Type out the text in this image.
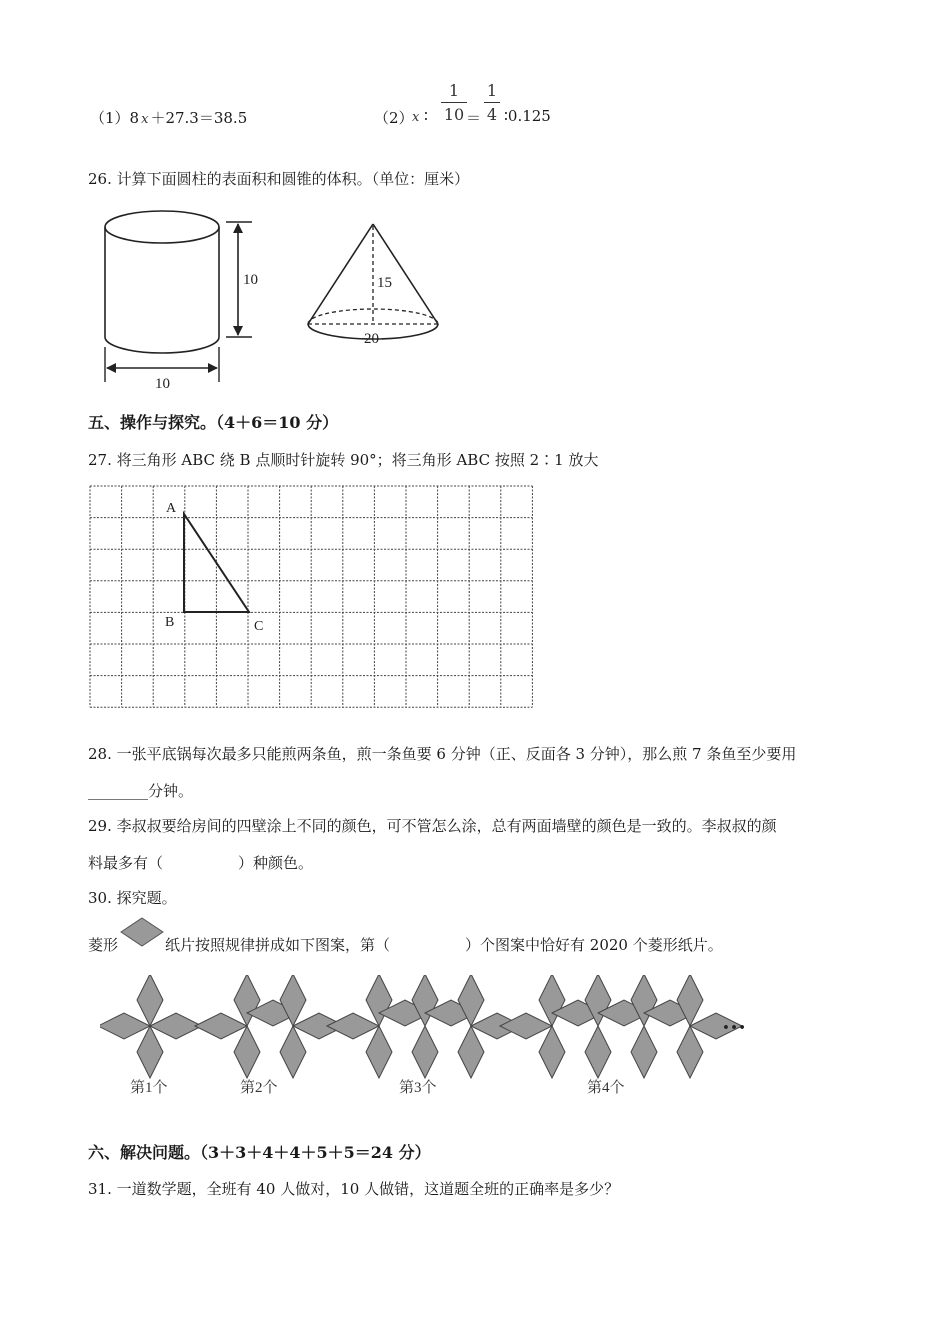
（1）8 x ＋27.3＝38.5	（2）
x ∶
1
10 ＝
1
4 ∶0.125
26. 计算下面圆柱的表面积和圆锥的体积。（单位：厘米）
10
10
15
20
五、操作与探究。（4＋6＝10 分）
27. 将三角形 ABC 绕 B 点顺时针旋转 90°；将三角形 ABC 按照 2∶1 放大
A
B	C
28. 一张平底锅每次最多只能煎两条鱼，煎一条鱼要 6 分钟（正、反面各 3 分钟），那么煎 7 条鱼至少要用
________分钟。
29. 李叔叔要给房间的四壁涂上不同的颜色，可不管怎么涂，总有两面墙壁的颜色是一致的。李叔叔的颜
料最多有（　　　　　）种颜色。
30. 探究题。
菱形	纸片按照规律拼成如下图案，第（　　　　　）个图案中恰好有 2020 个菱形纸片。
…
第1个	第2个	第3个	第4个
六、解决问题。（3＋3＋4＋4＋5＋5＝24 分）
31. 一道数学题，全班有 40 人做对，10 人做错，这道题全班的正确率是多少？
